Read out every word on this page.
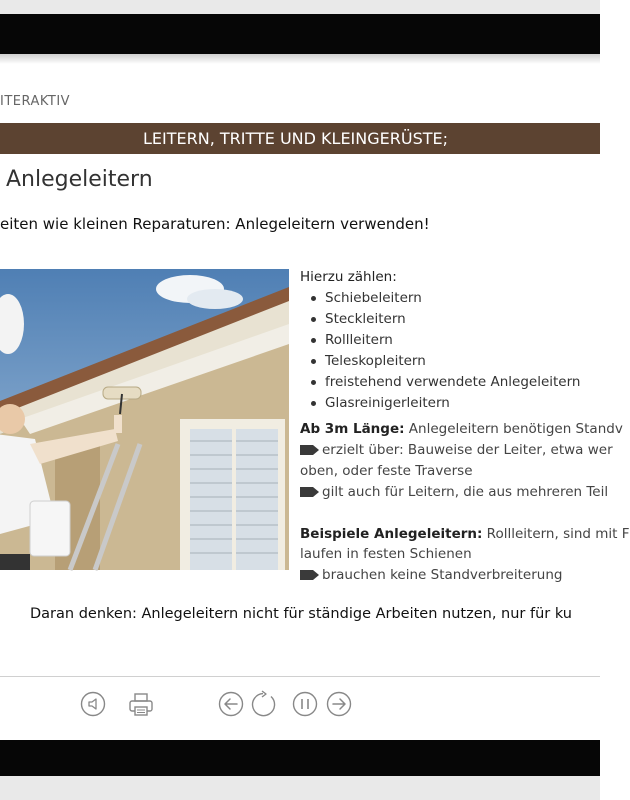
ITERAKTIV
LEITERN, TRITTE UND KLEINGERÜSTE;
Anlegeleitern
eiten wie kleinen Reparaturen: Anlegeleitern verwenden!
Hierzu zählen:
Schiebeleitern
Steckleitern
Rollleitern
Teleskopleitern
freistehend verwendete Anlegeleitern
Glasreinigerleitern
Ab 3m Länge: Anlegeleitern benötigen Standv
erzielt über: Bauweise der Leiter, etwa wer
oben, oder feste Traverse
gilt auch für Leitern, die aus mehreren Teil
Beispiele Anlegeleitern: Rollleitern, sind mit F
laufen in festen Schienen
brauchen keine Standverbreiterung
Daran denken: Anlegeleitern nicht für ständige Arbeiten nutzen, nur für ku
